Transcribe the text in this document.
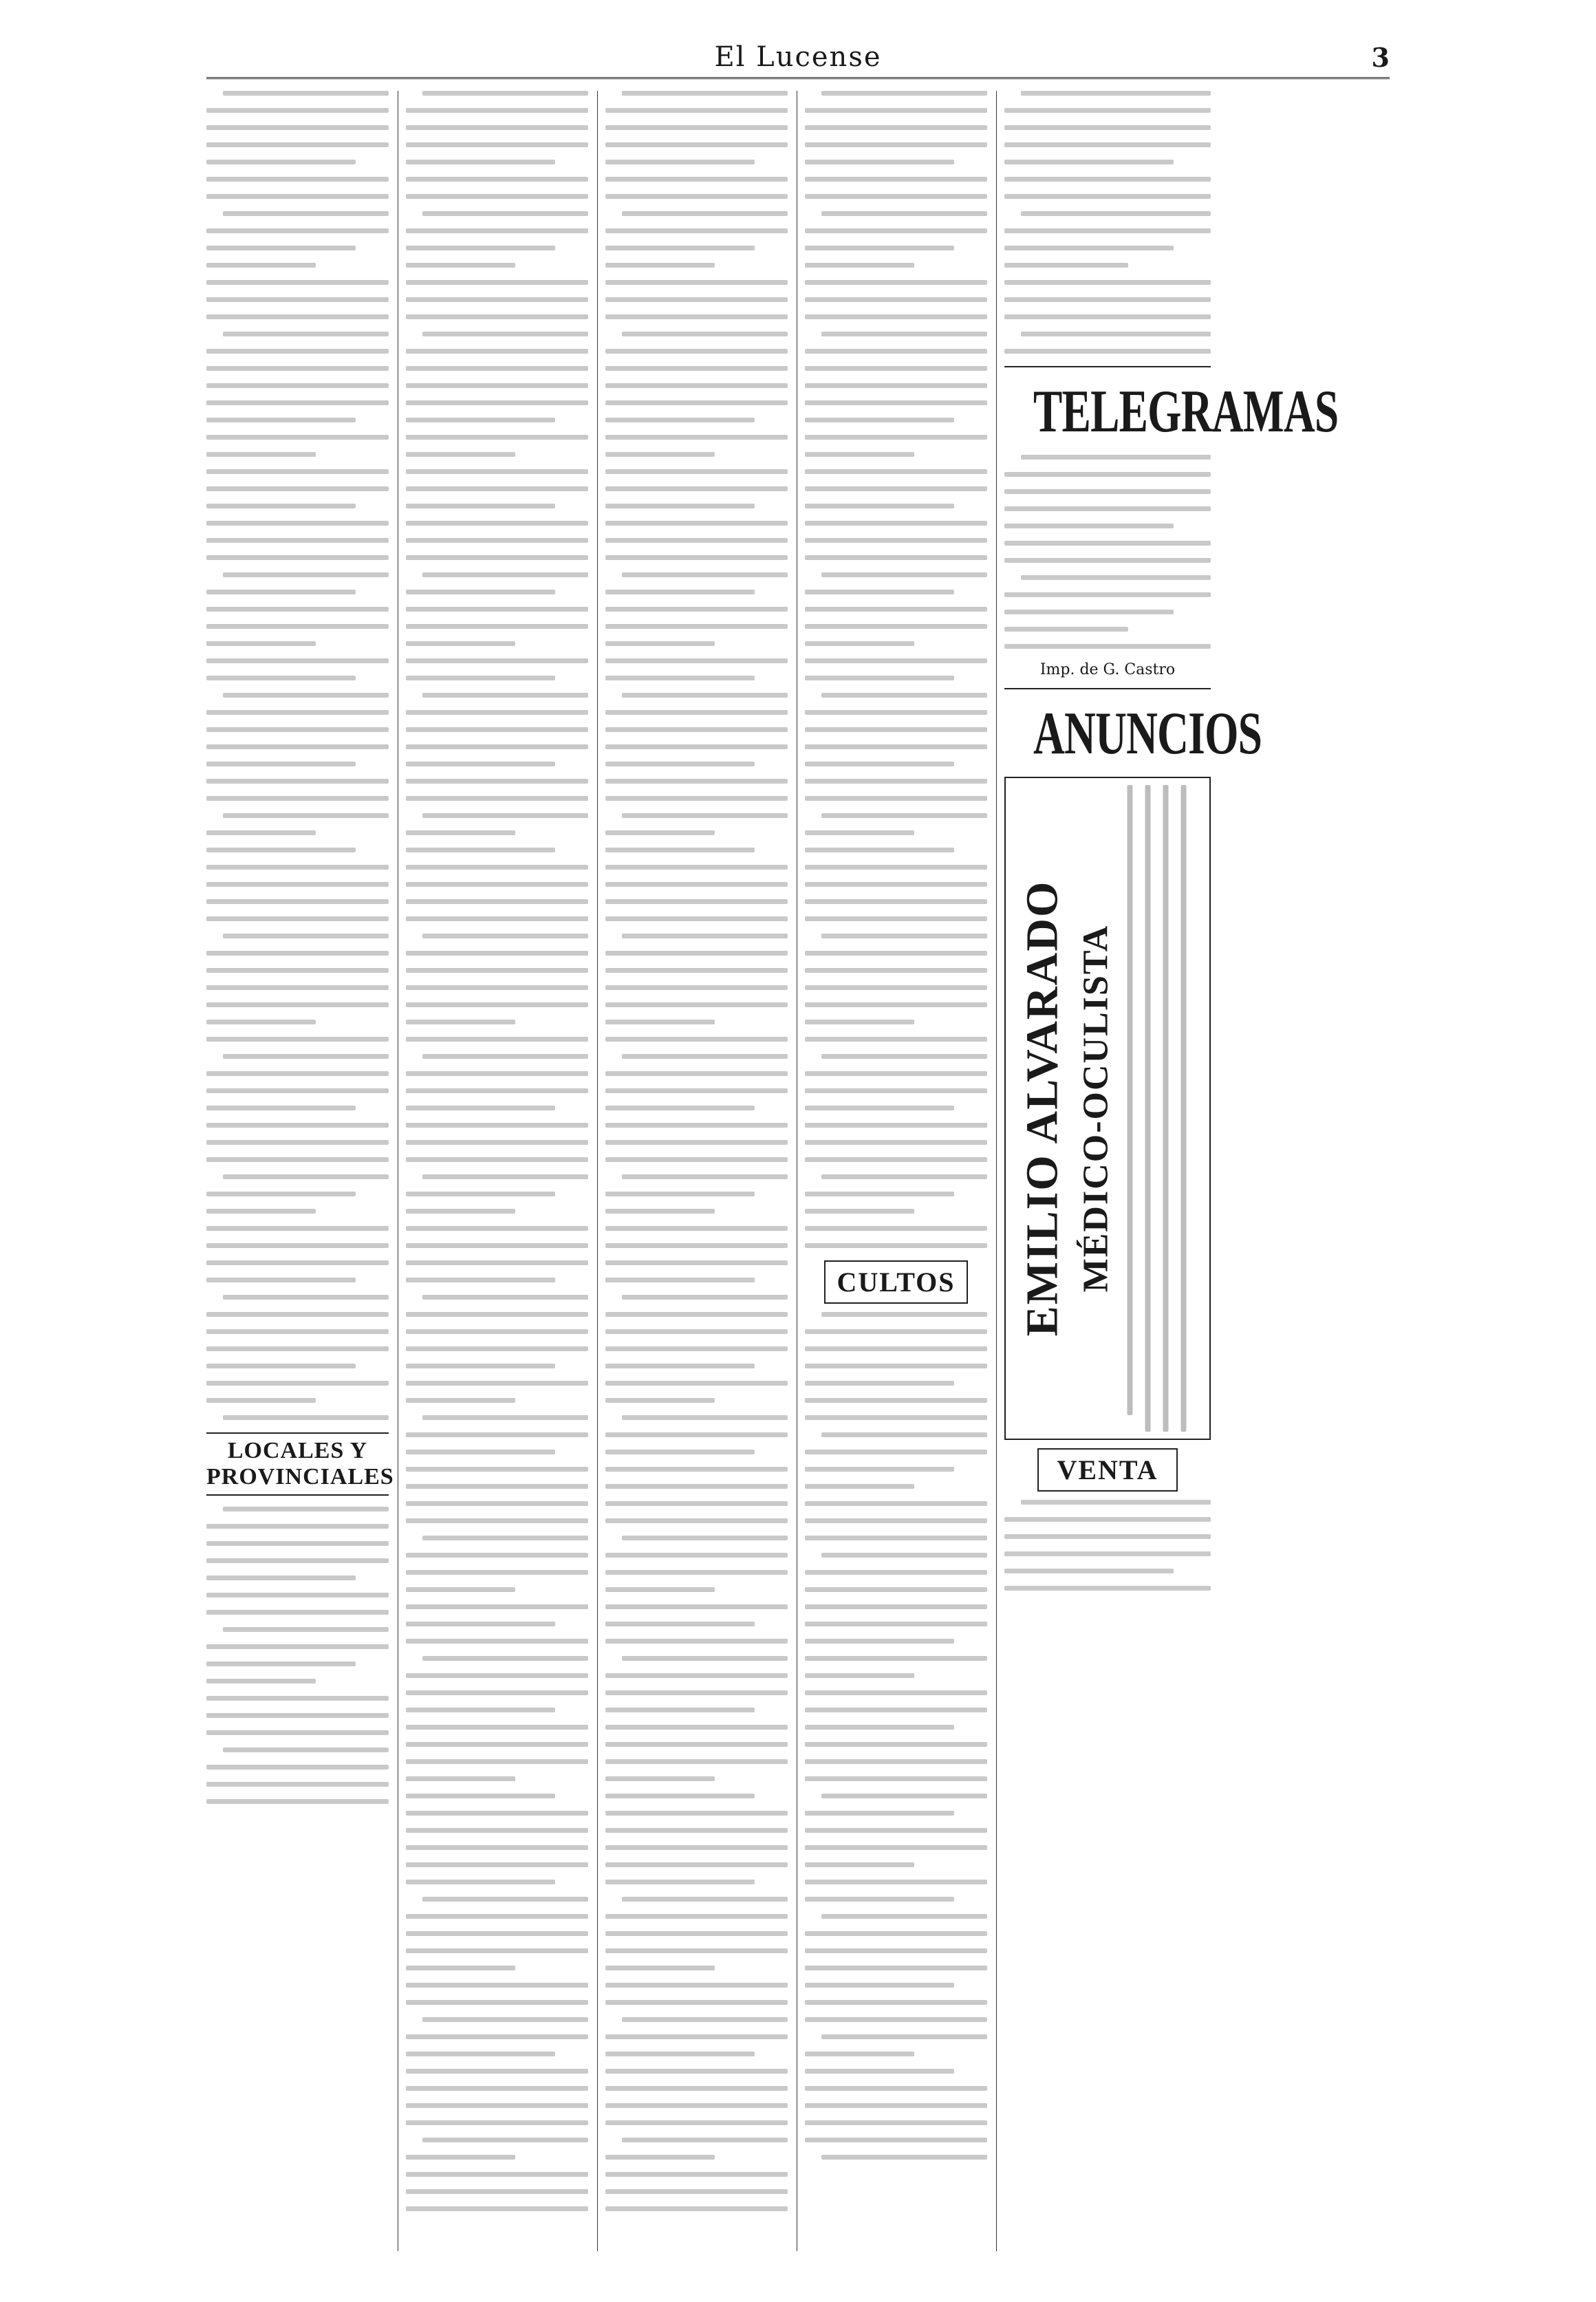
El Lucense	3
LOCALES Y PROVINCIALES
CULTOS
TELEGRAMAS
Imp. de G. Castro
ANUNCIOS
EMILIO ALVARADO MÉDICO-OCULISTA
VENTA
